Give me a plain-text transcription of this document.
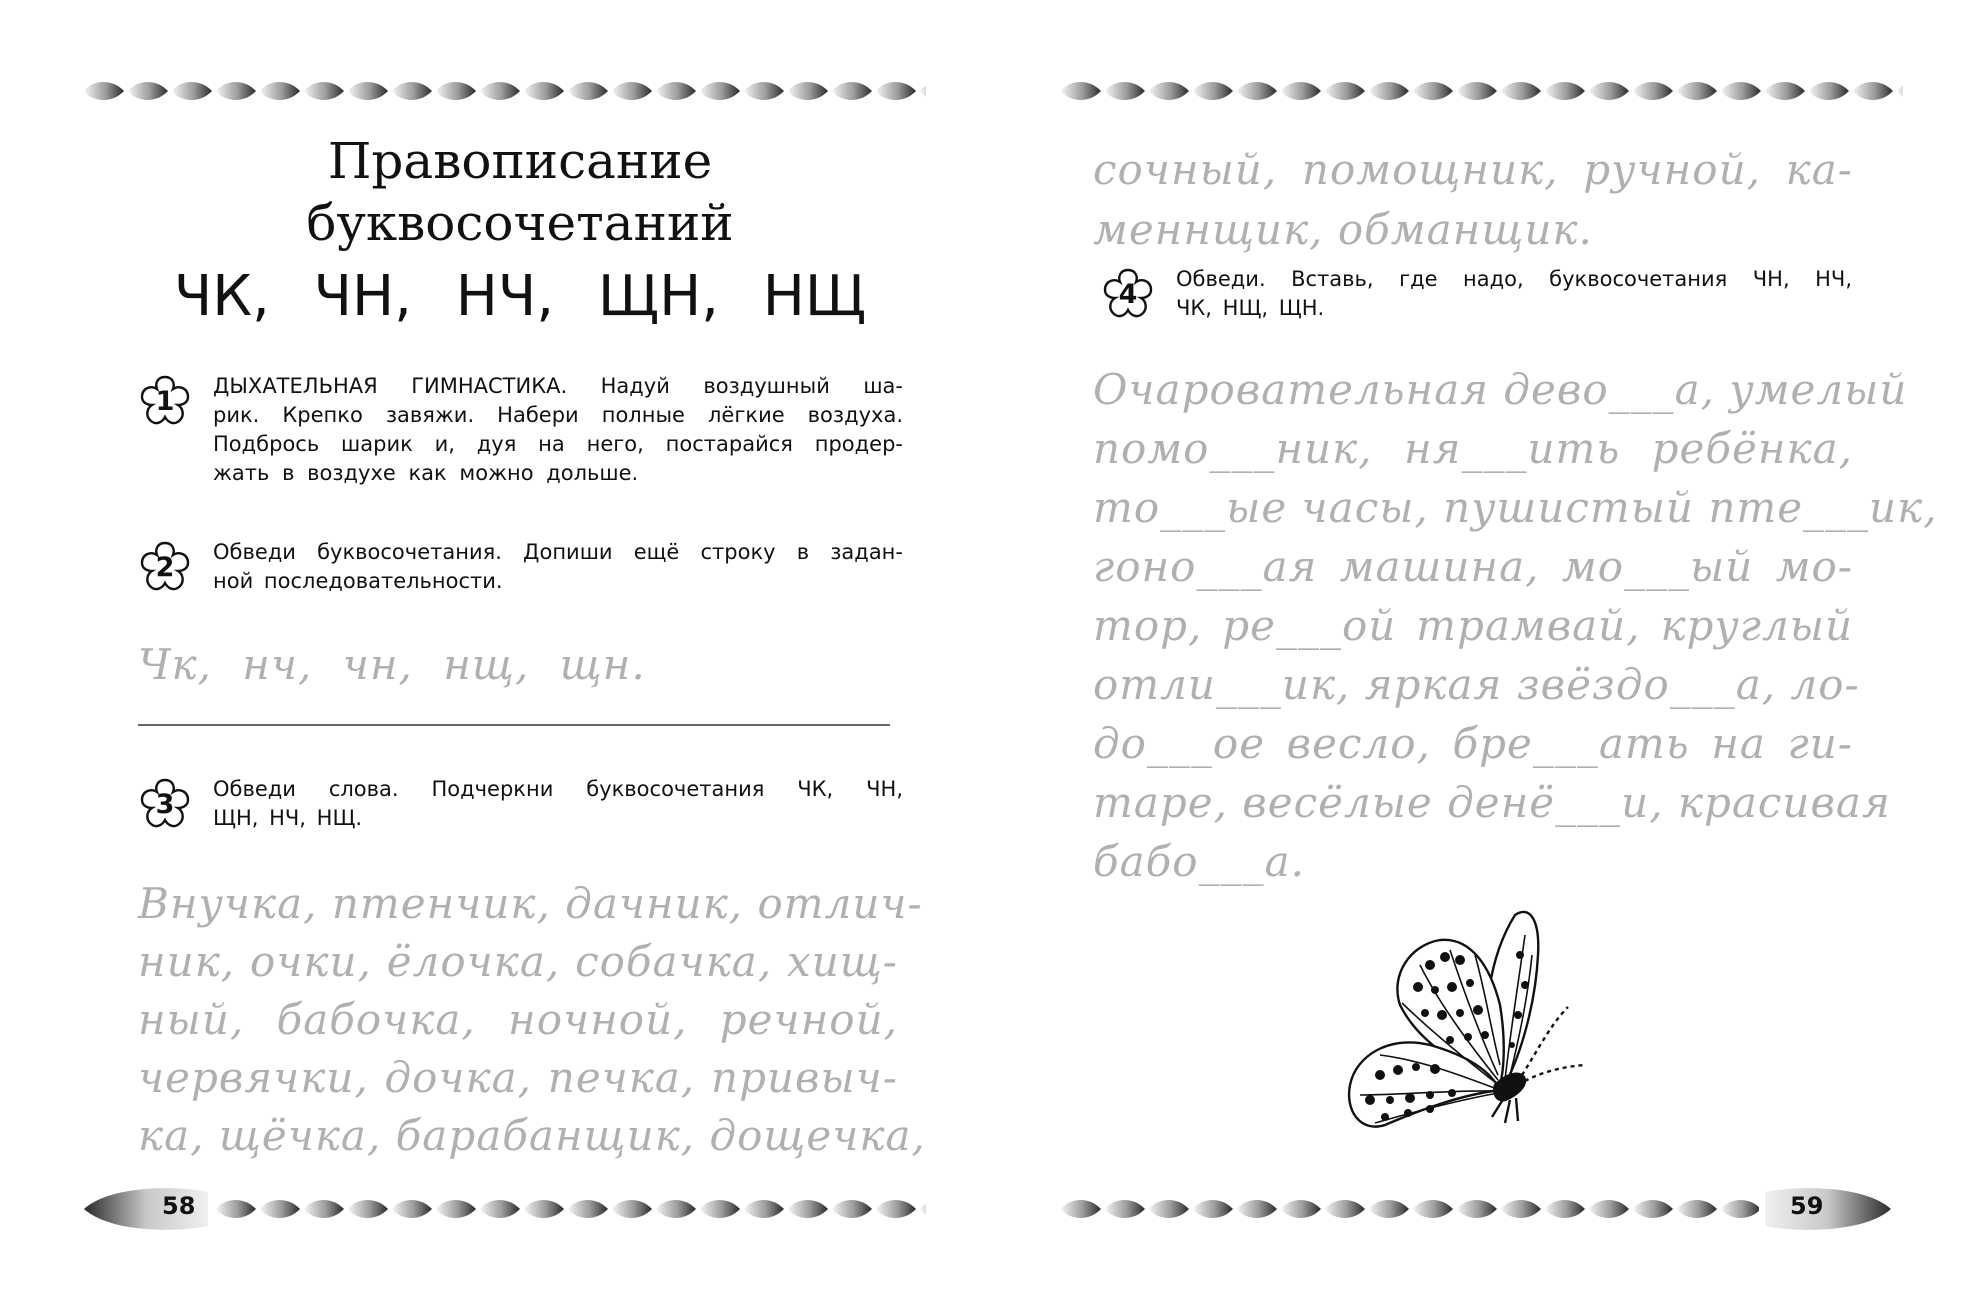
Правописание
буквосочетаний
ЧК, ЧН, НЧ, ЩН, НЩ
1	ДЫХАТЕЛЬНАЯ ГИМНАСТИКА. Надуй воздушный ша-
рик. Крепко завяжи. Набери полные лёгкие воздуха.
Подбрось шарик и, дуя на него, постарайся продер-
жать в воздухе как можно дольше.
2	Обведи буквосочетания. Допиши ещё строку в задан-
ной последовательности.
Чк, нч, чн, нщ, щн.
3	Обведи слова. Подчеркни буквосочетания ЧК, ЧН,
ЩН, НЧ, НЩ.
Внучка, птенчик, дачник, отлич-
ник, очки, ёлочка, собачка, хищ-
ный, бабочка, ночной, речной,
червячки, дочка, печка, привыч-
ка, щёчка, барабанщик, дощечка,
58
сочный, помощник, ручной, ка-
меннщик, обманщик.
4	Обведи. Вставь, где надо, буквосочетания ЧН, НЧ,
ЧК, НЩ, ЩН.
Очаровательная дево___а, умелый
помо___ник, ня___ить ребёнка,
то___ые часы, пушистый пте___ик,
гоно___ая машина, мо___ый мо-
тор, ре___ой трамвай, круглый
отли___ик, яркая звёздо___а, ло-
до___ое весло, бре___ать на ги-
таре, весёлые денё___и, красивая
бабо___а.
59
